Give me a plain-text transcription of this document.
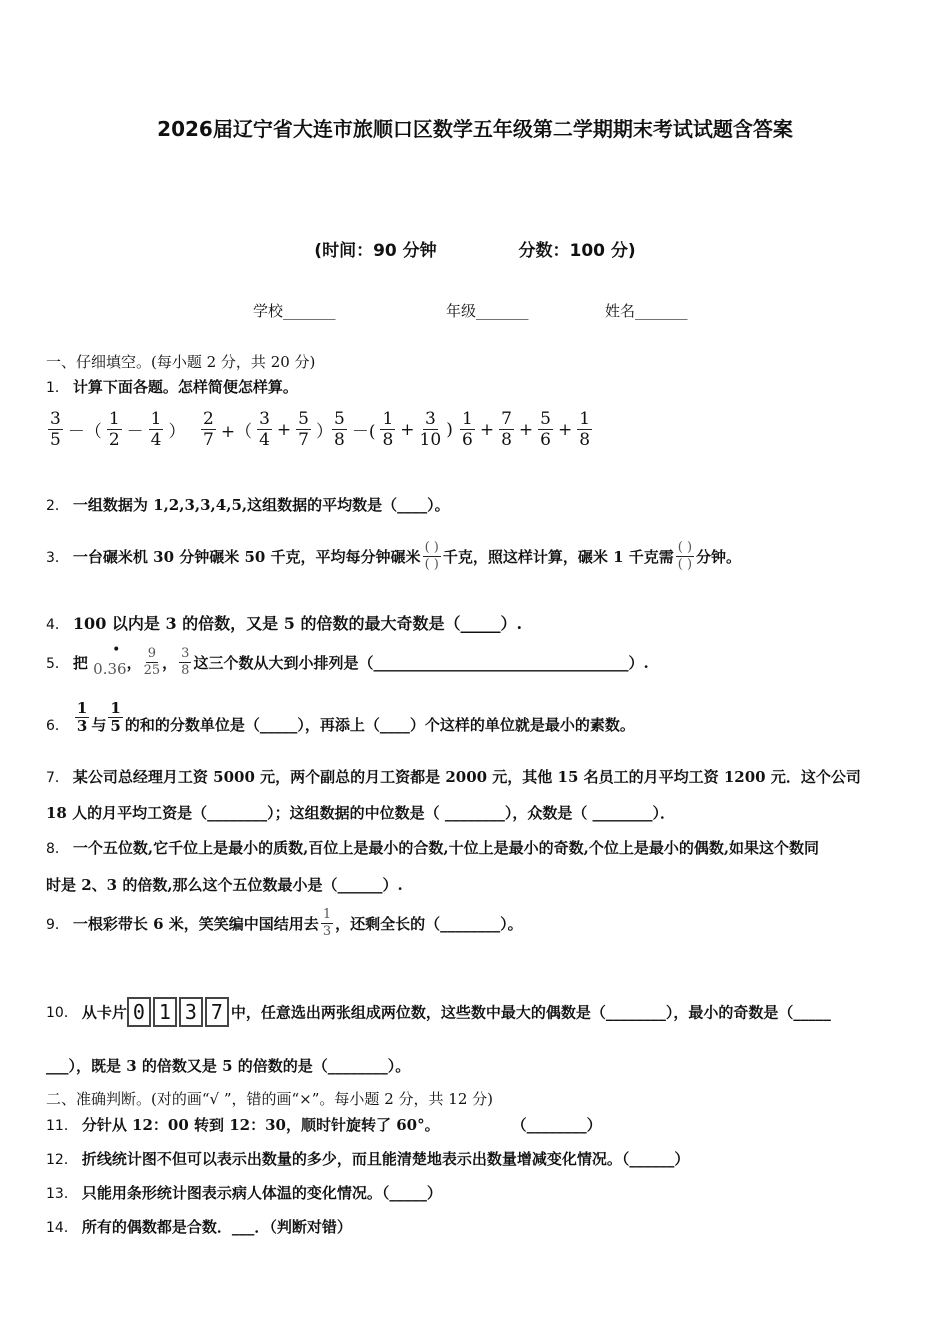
2026届辽宁省大连市旅顺口区数学五年级第二学期期末考试试题含答案
(时间：90 分钟	分数：100 分)
学校_______	年级_______	姓名_______
一、仔细填空。(每小题 2 分，共 20 分)
1． 计算下面各题。怎样简便怎样算。
$\frac{3}{5}$ －（ $\frac{1}{2} - \frac{1}{4}$ ） $\frac{2}{7}$ +（ $\frac{3}{4} + \frac{5}{7}$ ） $\frac{5}{8}$ －( $\frac{1}{8} + \frac{3}{10}$ ) $\frac{1}{6} + \frac{7}{8} + \frac{5}{6} + \frac{1}{8}$
2． 一组数据为 1,2,3,3,4,5,这组数据的平均数是（____）。
3． 一台碾米机 30 分钟碾米 50 千克，平均每分钟碾米 $\frac{( )}{( )}$ 千克，照这样计算，碾米 1 千克需 $\frac{( )}{( )}$ 分钟。
4． 100 以内是 3 的倍数，又是 5 的倍数的最大奇数是（_____）.
5． 把
•
0.36， $\frac{9}{25}$ ， $\frac{3}{8}$ 这三个数从大到小排列是（__________________________________）.
6． $\frac{1}{3}$ 与 $\frac{1}{5}$ 的和的分数单位是（_____），再添上（____）个这样的单位就是最小的素数。
7． 某公司总经理月工资 5000 元，两个副总的月工资都是 2000 元，其他 15 名员工的月平均工资 1200 元．这个公司
18 人的月平均工资是（________）；这组数据的中位数是（ ________），众数是（ ________）．
8． 一个五位数,它千位上是最小的质数,百位上是最小的合数,十位上是最小的奇数,个位上是最小的偶数,如果这个数同
时是 2、3 的倍数,那么这个五位数最小是（______）.
9． 一根彩带长 6 米，笑笑编中国结用去 $\frac{1}{3}$ ，还剩全长的（________）。
10． 从卡片 0 1 3 7 中，任意选出两张组成两位数，这些数中最大的偶数是（________），最小的奇数是（_____
___），既是 3 的倍数又是 5 的倍数的是（________）。
二、准确判断。(对的画“√ ”，错的画“×”。每小题 2 分，共 12 分)
11． 分针从 12：00 转到 12：30，顺时针旋转了 60°。	（________）
12． 折线统计图不但可以表示出数量的多少，而且能清楚地表示出数量增减变化情况。（______）
13． 只能用条形统计图表示病人体温的变化情况。（_____）
14． 所有的偶数都是合数．___．（判断对错）
